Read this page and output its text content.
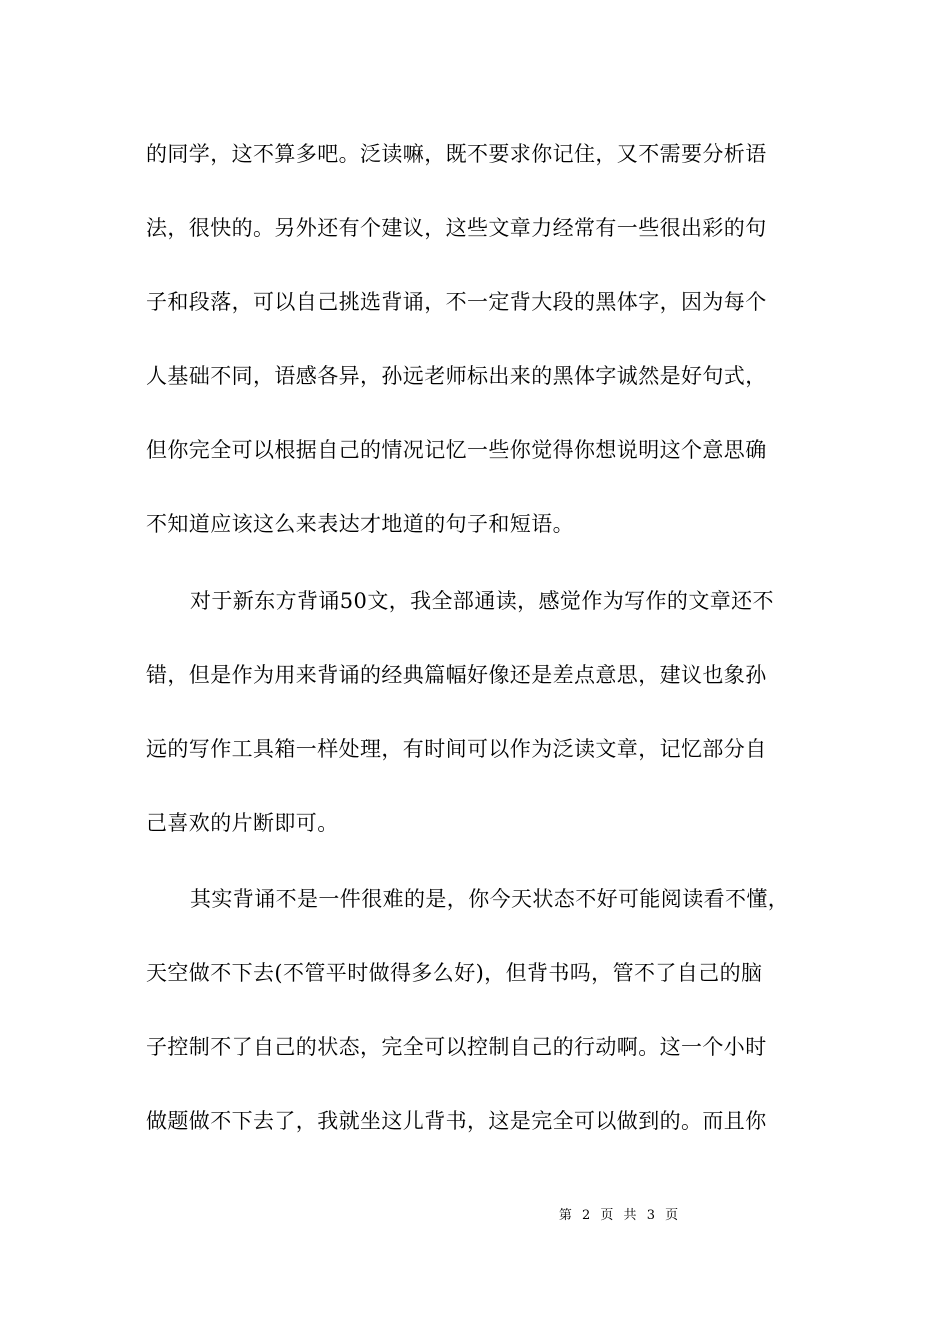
的同学，这不算多吧。泛读嘛，既不要求你记住，又不需要分析语
法，很快的。另外还有个建议，这些文章力经常有一些很出彩的句
子和段落，可以自己挑选背诵，不一定背大段的黑体字，因为每个
人基础不同，语感各异，孙远老师标出来的黑体字诚然是好句式，
但你完全可以根据自己的情况记忆一些你觉得你想说明这个意思确
不知道应该这么来表达才地道的句子和短语。
对于新东方背诵50文，我全部通读，感觉作为写作的文章还不
错，但是作为用来背诵的经典篇幅好像还是差点意思，建议也象孙
远的写作工具箱一样处理，有时间可以作为泛读文章，记忆部分自
己喜欢的片断即可。
其实背诵不是一件很难的是，你今天状态不好可能阅读看不懂，
天空做不下去(不管平时做得多么好)，但背书吗，管不了自己的脑
子控制不了自己的状态，完全可以控制自己的行动啊。这一个小时
做题做不下去了，我就坐这儿背书，这是完全可以做到的。而且你
第 2 页 共 3 页
